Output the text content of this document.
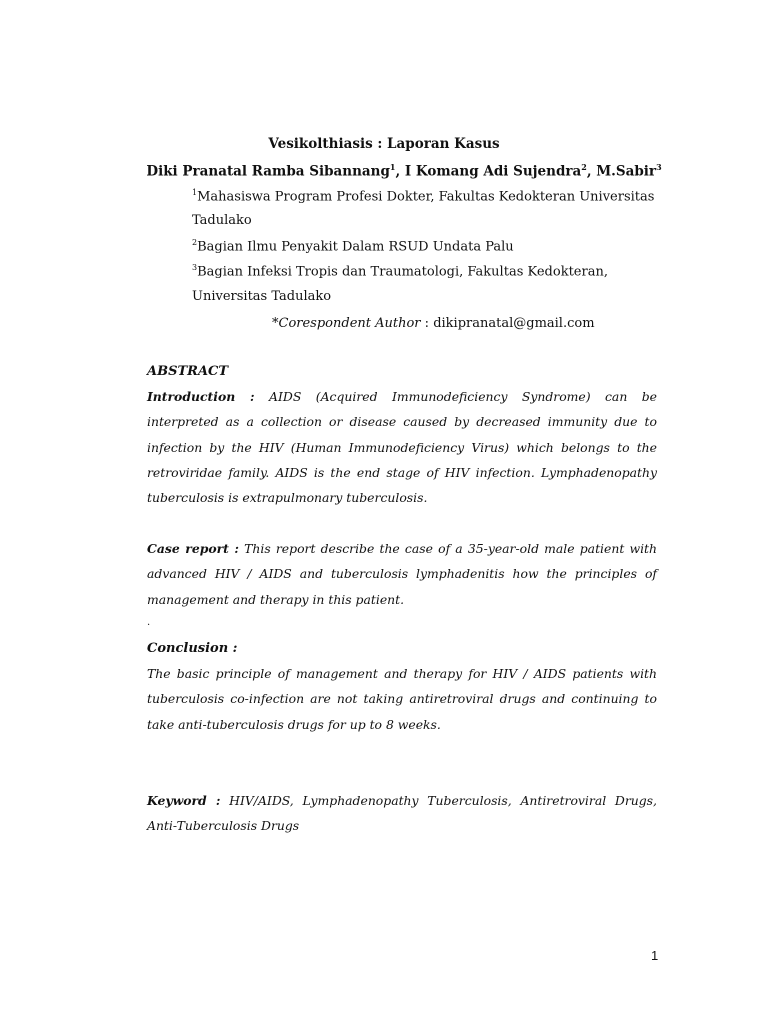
Vesikolthiasis : Laporan Kasus
Diki Pranatal Ramba Sibannang$^1$, I Komang Adi Sujendra$^2$, M.Sabir$^3$
$^1$Mahasiswa Program Profesi Dokter, Fakultas Kedokteran Universitas
Tadulako
$^2$Bagian Ilmu Penyakit Dalam RSUD Undata Palu
$^3$Bagian Infeksi Tropis dan Traumatologi, Fakultas Kedokteran,
Universitas Tadulako
*Corespondent Author : dikipranatal@gmail.com
ABSTRACT
Introduction : AIDS (Acquired Immunodeficiency Syndrome) can be interpreted as a collection or disease caused by decreased immunity due to infection by the HIV (Human Immunodeficiency Virus) which belongs to the retroviridae family. AIDS is the end stage of HIV infection. Lymphadenopathy tuberculosis is extrapulmonary tuberculosis.
Case report : This report describe the case of a 35-year-old male patient with advanced HIV / AIDS and tuberculosis lymphadenitis how the principles of management and therapy in this patient.
.
Conclusion :
The basic principle of management and therapy for HIV / AIDS patients with tuberculosis co-infection are not taking antiretroviral drugs and continuing to take anti-tuberculosis drugs for up to 8 weeks.
Keyword : HIV/AIDS, Lymphadenopathy Tuberculosis, Antiretroviral Drugs, Anti-Tuberculosis Drugs
1
